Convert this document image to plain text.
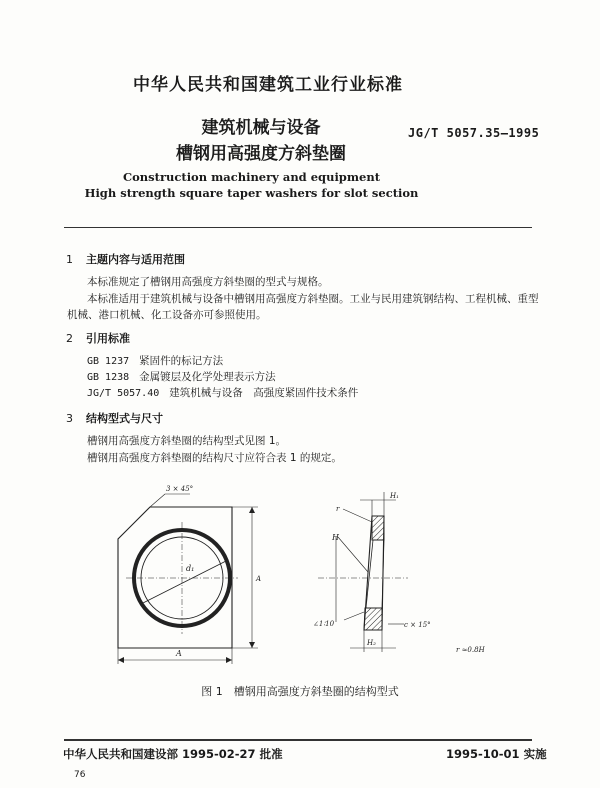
中华人民共和国建筑工业行业标准
建筑机械与设备
槽钢用高强度方斜垫圈
JG/T 5057.35—1995
Construction machinery and equipment
High strength square taper washers for slot section
1 主题内容与适用范围
本标准规定了槽钢用高强度方斜垫圈的型式与规格。
本标准适用于建筑机械与设备中槽钢用高强度方斜垫圈。工业与民用建筑钢结构、工程机械、重型
机械、港口机械、化工设备亦可参照使用。
2 引用标准
GB 1237 紧固件的标记方法
GB 1238 金属镀层及化学处理表示方法
JG/T 5057.40 建筑机械与设备　高强度紧固件技术条件
3 结构型式与尺寸
槽钢用高强度方斜垫圈的结构型式见图 1。
槽钢用高强度方斜垫圈的结构尺寸应符合表 1 的规定。
3 × 45°
d₁
A
A
H₁
r
H
∠1∶10	c × 15°
H₂
r ≈0.8H
图 1　槽钢用高强度方斜垫圈的结构型式
中华人民共和国建设部 1995-02-27 批准	1995-10-01 实施
76
